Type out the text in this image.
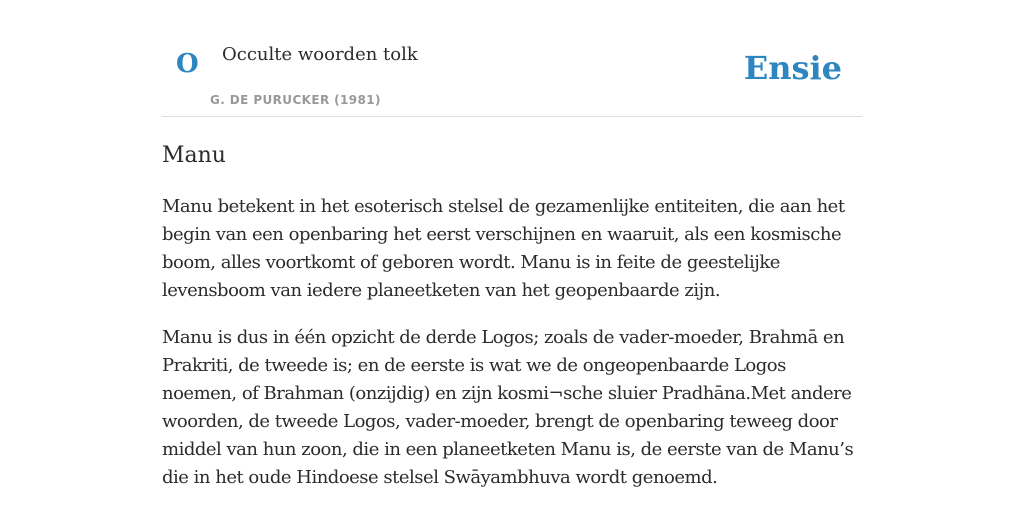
O Occulte woorden tolk
G. DE PURUCKER (1981)
Ensie
Manu

Manu betekent in het esoterisch stelsel de gezamenlijke entiteiten, die aan het begin van een openbaring het eerst verschijnen en waaruit, als een kosmische boom, alles voortkomt of geboren wordt. Manu is in feite de geestelijke levensboom van iedere planeetketen van het geopenbaarde zijn.

Manu is dus in één opzicht de derde Logos; zoals de vader-moeder, Brahmā en Prakriti, de tweede is; en de eerste is wat we de ongeopenbaarde Logos noemen, of Brahman (onzijdig) en zijn kosmi¬sche sluier Pradhāna.Met andere woorden, de tweede Logos, vader-moeder, brengt de openbaring teweeg door middel van hun zoon, die in een planeetketen Manu is, de eerste van de Manu’s die in het oude Hindoese stelsel Swāyambhuva wordt genoemd.
